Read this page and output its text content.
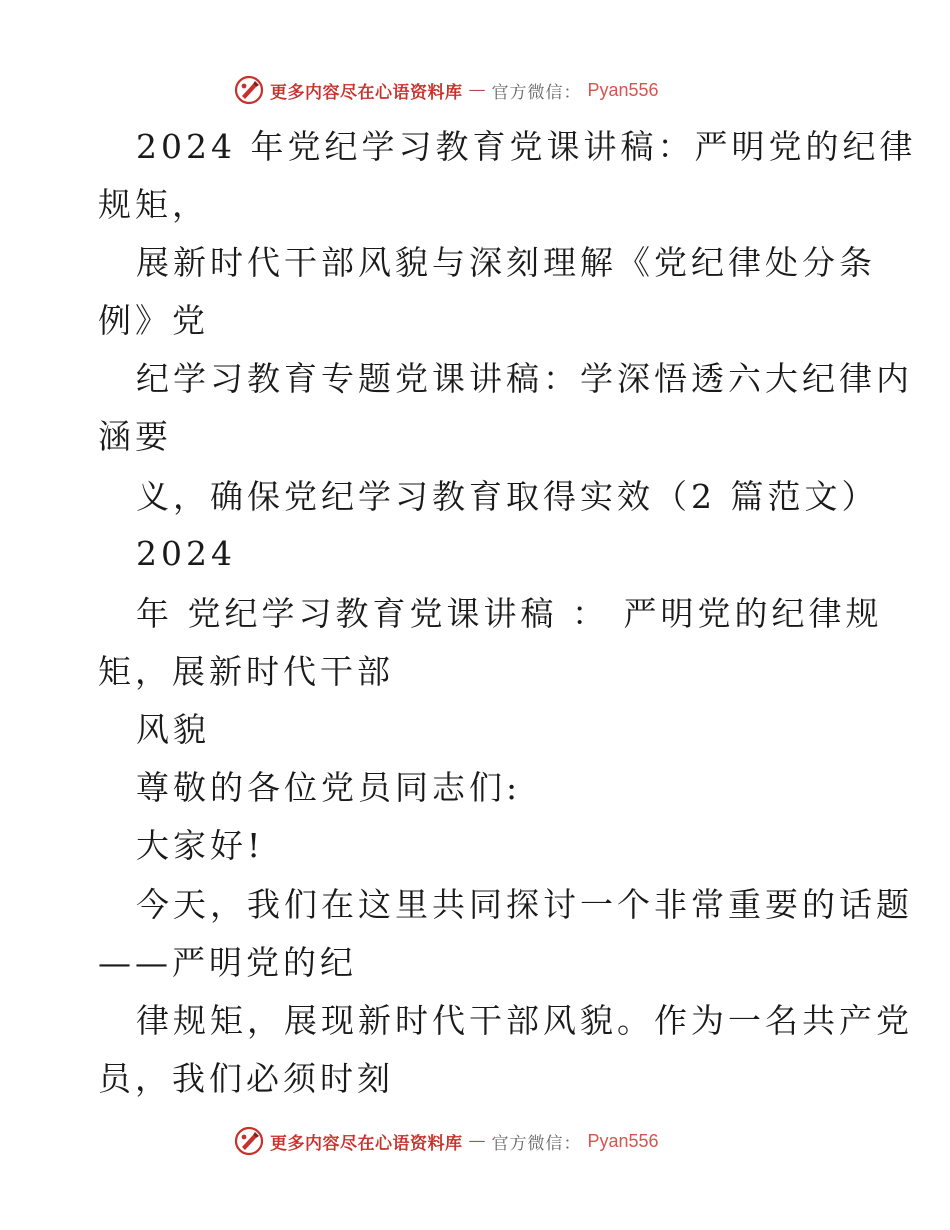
更多内容尽在心语资料库 — 官方微信： Pyan556
2024 年党纪学习教育党课讲稿：严明党的纪律
规矩，
展新时代干部风貌与深刻理解《党纪律处分条
例》党
纪学习教育专题党课讲稿：学深悟透六大纪律内
涵要
义，确保党纪学习教育取得实效（2 篇范文）
2024
年 党纪学习教育党课讲稿 ： 严明党的纪律规
矩，展新时代干部
风貌
尊敬的各位党员同志们:
大家好!
今天，我们在这里共同探讨一个非常重要的话题
——严明党的纪
律规矩，展现新时代干部风貌。作为一名共产党
员，我们必须时刻
更多内容尽在心语资料库 — 官方微信： Pyan556
